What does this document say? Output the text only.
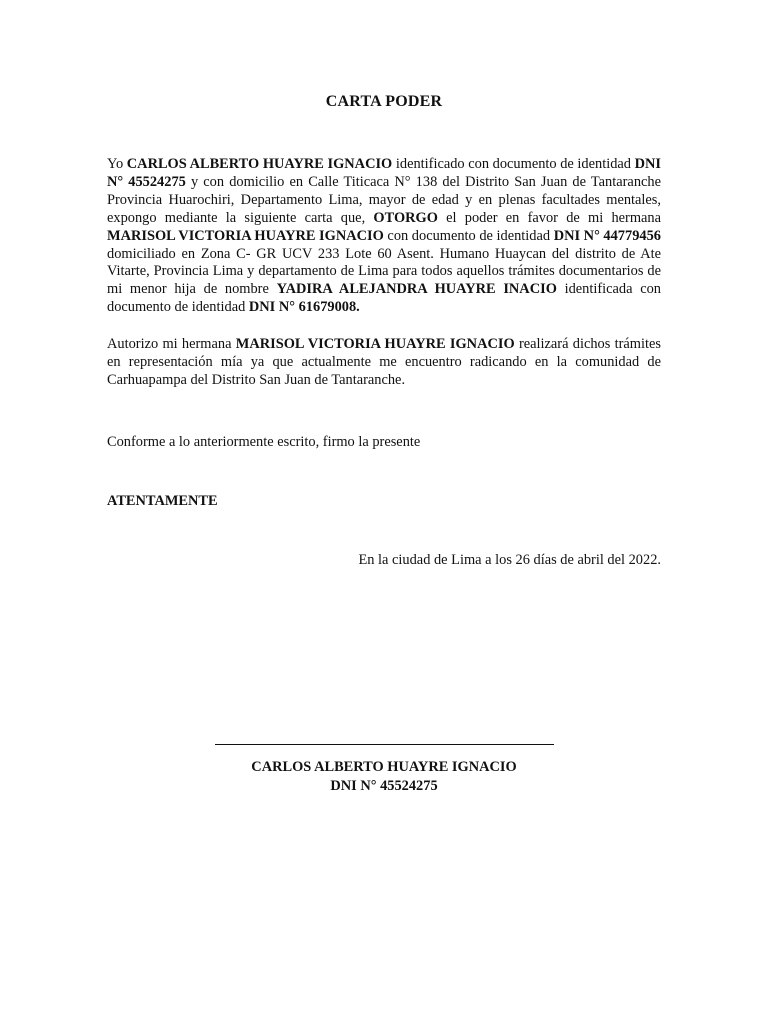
CARTA PODER

Yo CARLOS ALBERTO HUAYRE IGNACIO identificado con documento de identidad DNI N° 45524275 y con domicilio en Calle Titicaca N° 138 del Distrito San Juan de Tantaranche Provincia Huarochiri, Departamento Lima, mayor de edad y en plenas facultades mentales, expongo mediante la siguiente carta que, OTORGO el poder en favor de mi hermana MARISOL VICTORIA HUAYRE IGNACIO con documento de identidad DNI N° 44779456 domiciliado en Zona C- GR UCV 233 Lote 60 Asent. Humano Huaycan del distrito de Ate Vitarte, Provincia Lima y departamento de Lima para todos aquellos trámites documentarios de mi menor hija de nombre YADIRA ALEJANDRA HUAYRE INACIO identificada con documento de identidad DNI N° 61679008.

Autorizo mi hermana MARISOL VICTORIA HUAYRE IGNACIO realizará dichos trámites en representación mía ya que actualmente me encuentro radicando en la comunidad de Carhuapampa del Distrito San Juan de Tantaranche.

Conforme a lo anteriormente escrito, firmo la presente

ATENTAMENTE

En la ciudad de Lima a los 26 días de abril del 2022.

CARLOS ALBERTO HUAYRE IGNACIO

DNI N° 45524275
